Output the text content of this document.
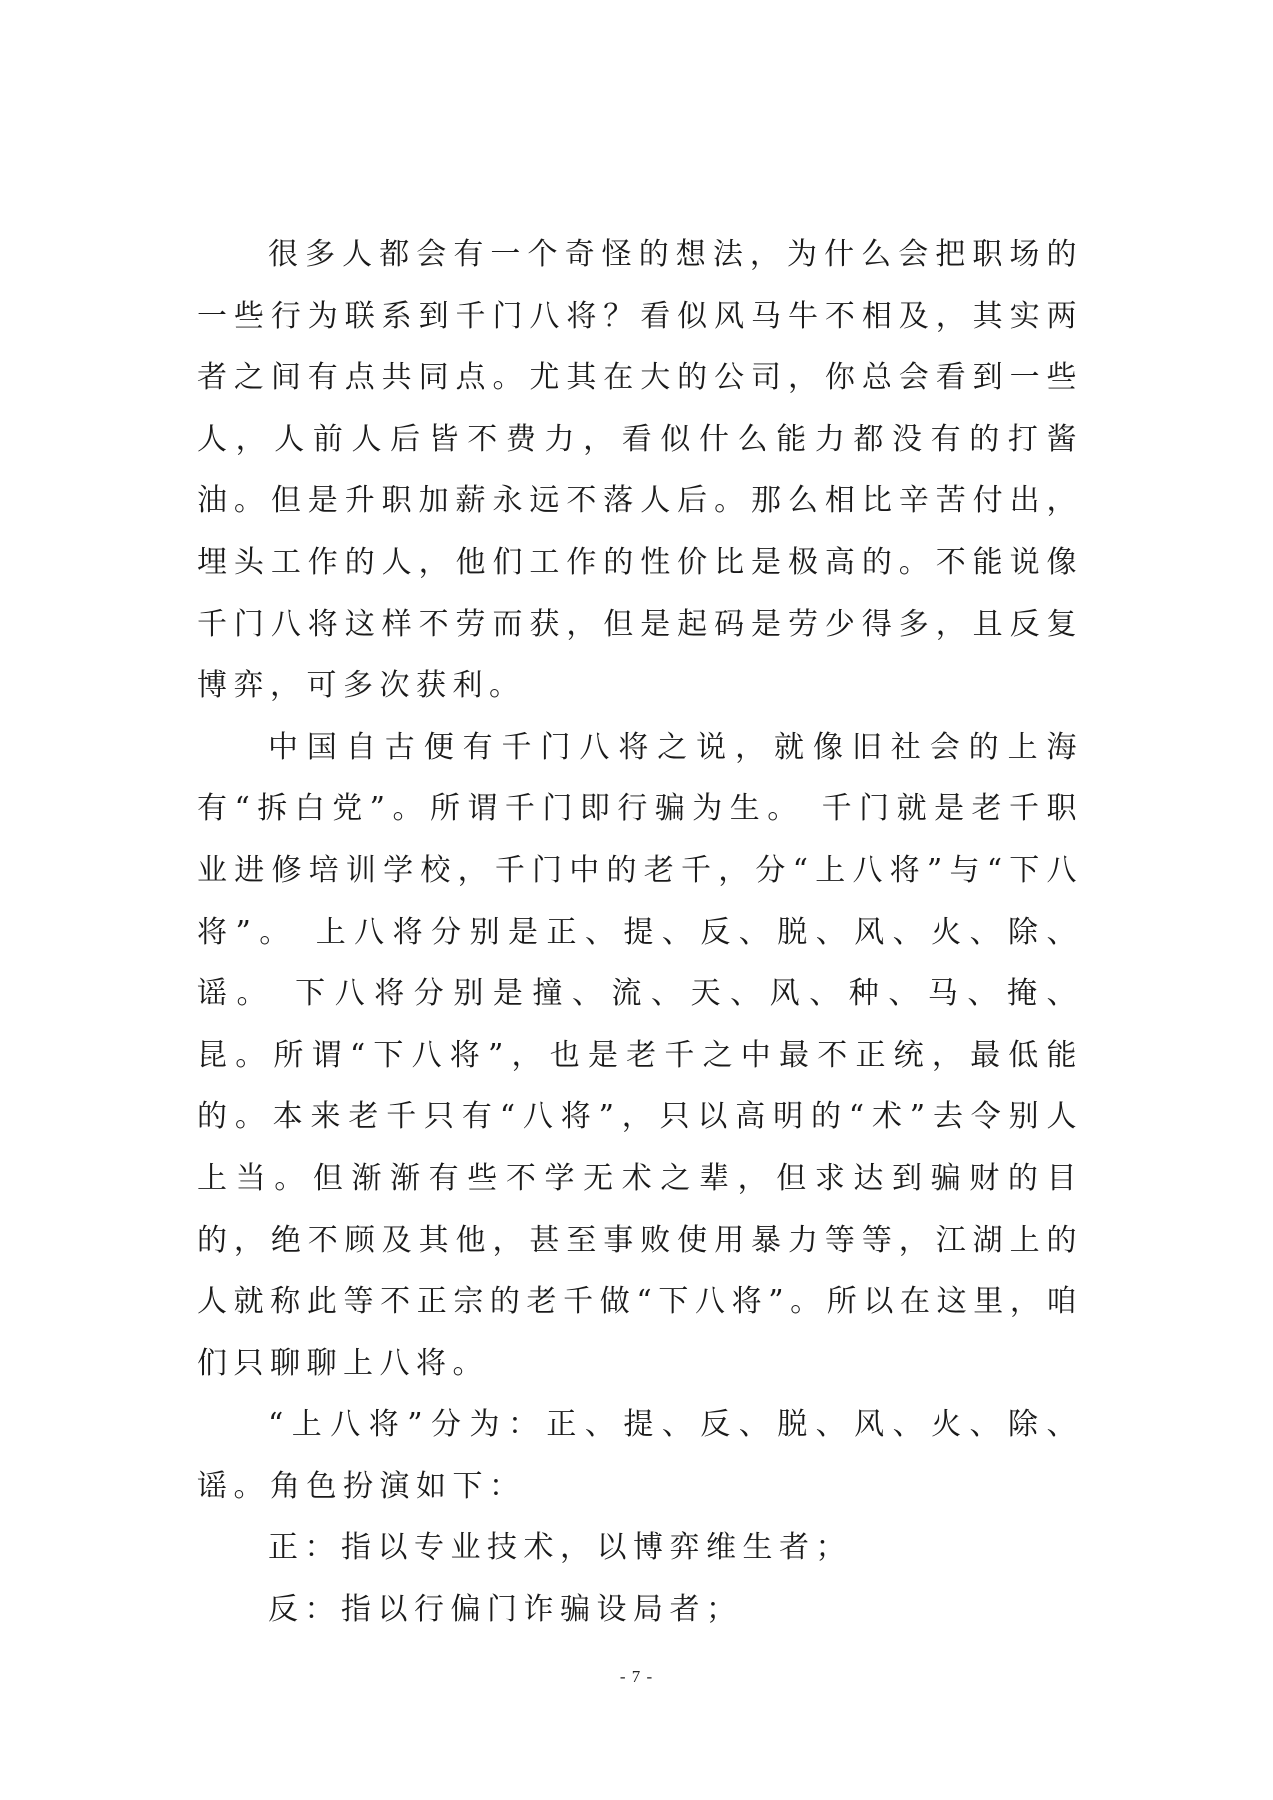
很多人都会有一个奇怪的想法，为什么会把职场的一些行为联系到千门八将？看似风马牛不相及，其实两者之间有点共同点。尤其在大的公司，你总会看到一些人，人前人后皆不费力，看似什么能力都没有的打酱油。但是升职加薪永远不落人后。那么相比辛苦付出，埋头工作的人，他们工作的性价比是极高的。不能说像千门八将这样不劳而获，但是起码是劳少得多，且反复博弈，可多次获利。

中国自古便有千门八将之说，就像旧社会的上海有“拆白党”。所谓千门即行骗为生。 千门就是老千职业进修培训学校，千门中的老千，分“上八将”与“下八将”。 上八将分别是正、提、反、脱、风、火、除、谣。 下八将分别是撞、流、天、风、种、马、掩、昆。所谓“下八将”，也是老千之中最不正统，最低能的。本来老千只有“八将”，只以高明的“术”去令别人上当。但渐渐有些不学无术之辈，但求达到骗财的目的，绝不顾及其他，甚至事败使用暴力等等，江湖上的人就称此等不正宗的老千做“下八将”。所以在这里，咱们只聊聊上八将。

“上八将”分为：正、提、反、脱、风、火、除、谣。角色扮演如下：

正：指以专业技术，以博弈维生者；

反：指以行偏门诈骗设局者；

- 7 -
